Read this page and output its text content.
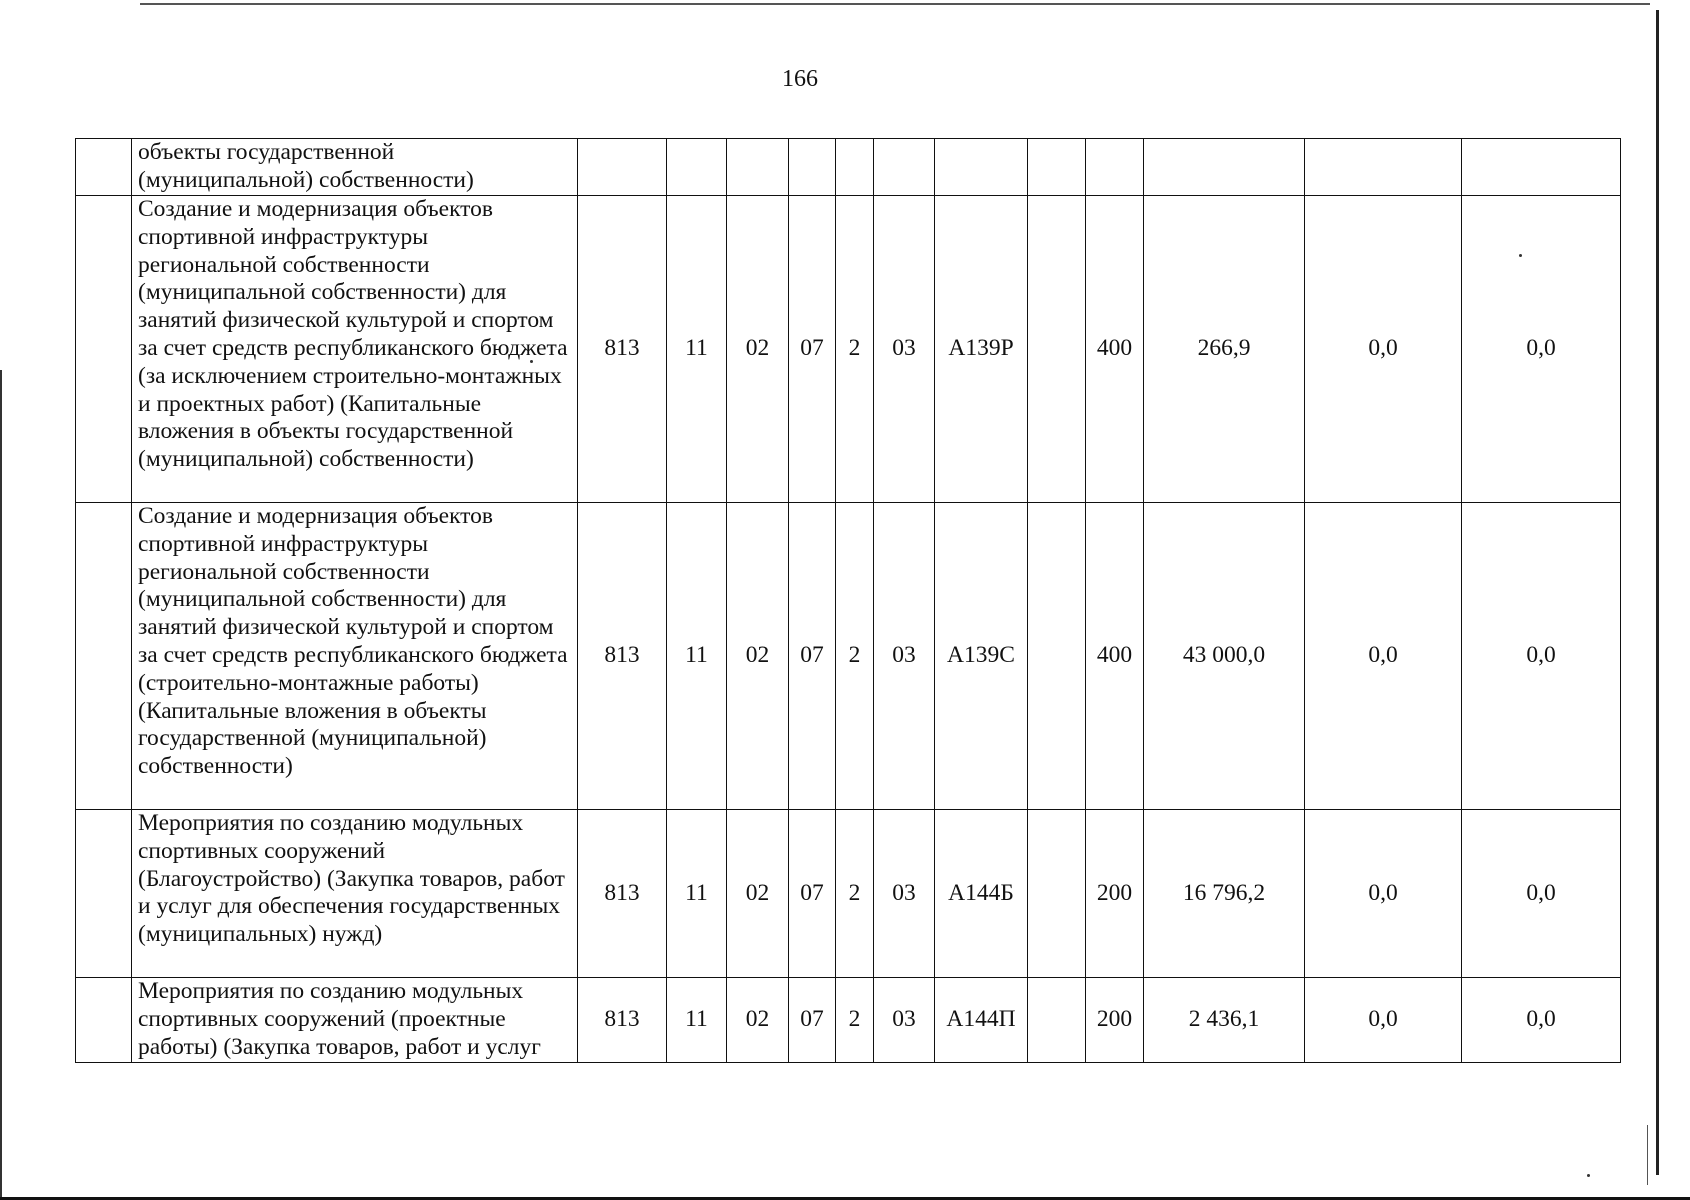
166
	объекты государственной (муниципальной) собственности)												
	Создание и модернизация объектов спортивной инфраструктуры региональной собственности (муниципальной собственности) для занятий физической культурой и спортом за счет средств республиканского бюджета (за исключением строительно-монтажных и проектных работ) (Капитальные вложения в объекты государственной (муниципальной) собственности)	813	11	02	07	2	03	A139P		400	266,9	0,0	0,0
	Создание и модернизация объектов спортивной инфраструктуры региональной собственности (муниципальной собственности) для занятий физической культурой и спортом за счет средств республиканского бюджета (строительно-монтажные работы) (Капитальные вложения в объекты государственной (муниципальной) собственности)	813	11	02	07	2	03	A139C		400	43 000,0	0,0	0,0
	Мероприятия по созданию модульных спортивных сооружений (Благоустройство) (Закупка товаров, работ и услуг для обеспечения государственных (муниципальных) нужд)	813	11	02	07	2	03	A144Б		200	16 796,2	0,0	0,0
	Мероприятия по созданию модульных спортивных сооружений (проектные работы) (Закупка товаров, работ и услуг	813	11	02	07	2	03	A144П		200	2 436,1	0,0	0,0
